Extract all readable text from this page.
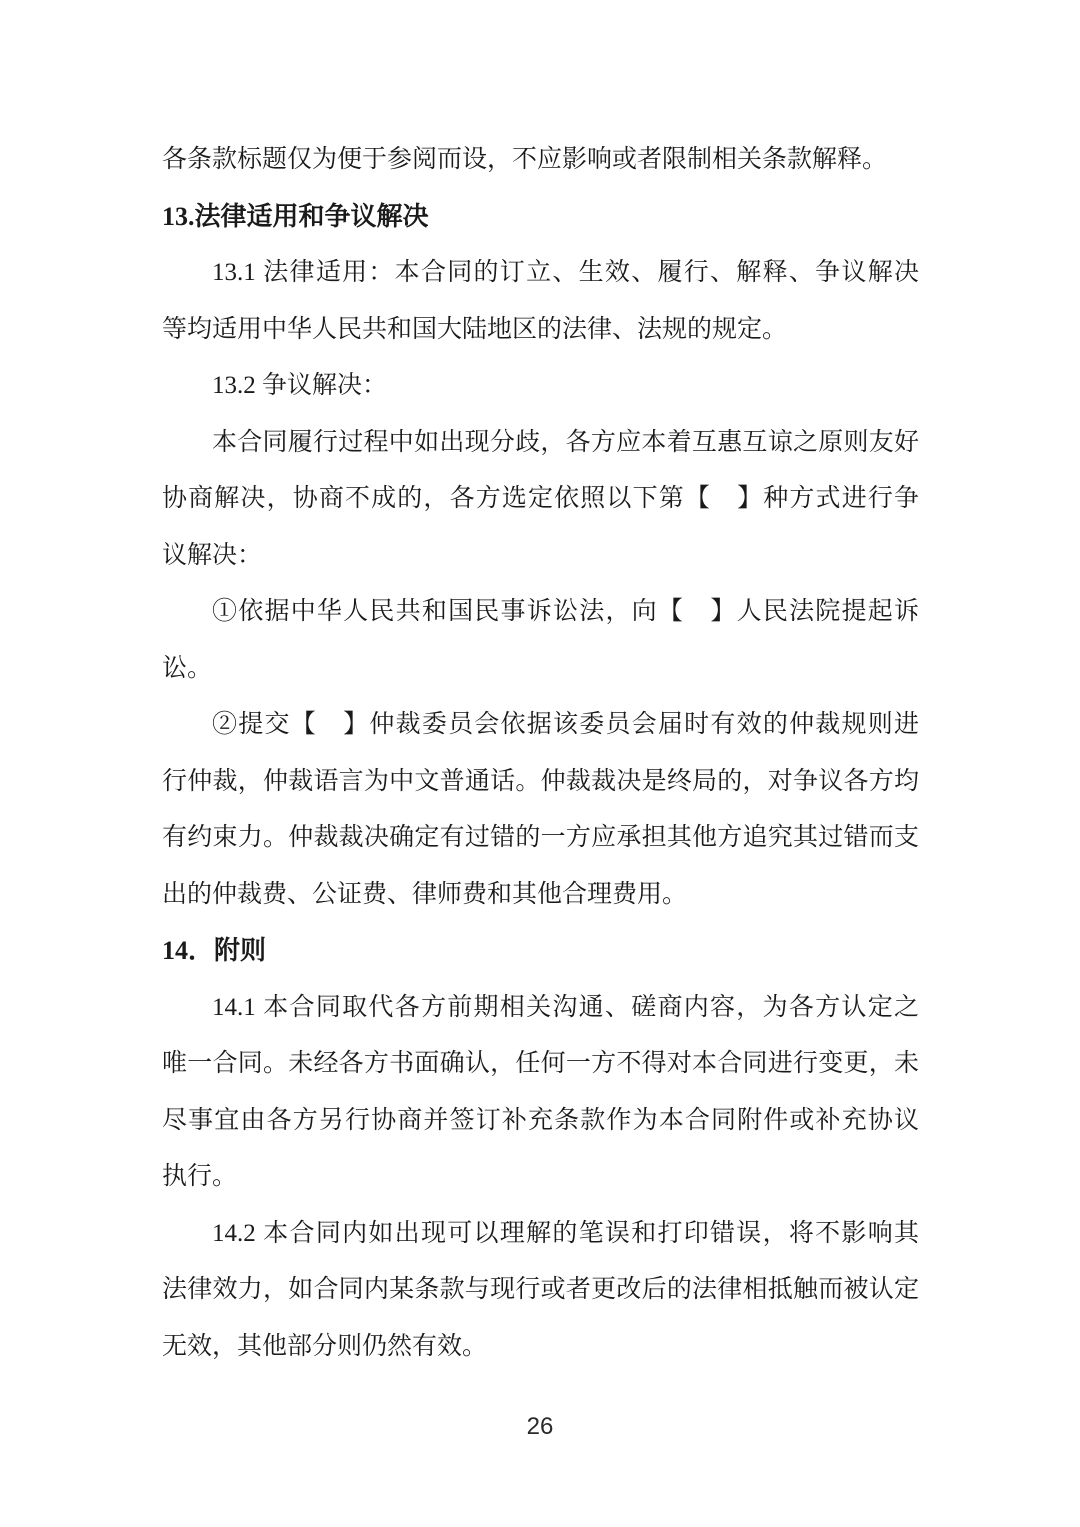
各条款标题仅为便于参阅而设，不应影响或者限制相关条款解释。
13.法律适用和争议解决
13.1 法律适用：本合同的订立、生效、履行、解释、争议解决
等均适用中华人民共和国大陆地区的法律、法规的规定。
13.2 争议解决：
本合同履行过程中如出现分歧，各方应本着互惠互谅之原则友好
协商解决，协商不成的，各方选定依照以下第【　】种方式进行争
议解决：
①依据中华人民共和国民事诉讼法，向【　】人民法院提起诉
讼。
②提交【　】仲裁委员会依据该委员会届时有效的仲裁规则进
行仲裁，仲裁语言为中文普通话。仲裁裁决是终局的，对争议各方均
有约束力。仲裁裁决确定有过错的一方应承担其他方追究其过错而支
出的仲裁费、公证费、律师费和其他合理费用。
14．附则
14.1 本合同取代各方前期相关沟通、磋商内容，为各方认定之
唯一合同。未经各方书面确认，任何一方不得对本合同进行变更，未
尽事宜由各方另行协商并签订补充条款作为本合同附件或补充协议
执行。
14.2 本合同内如出现可以理解的笔误和打印错误，将不影响其
法律效力，如合同内某条款与现行或者更改后的法律相抵触而被认定
无效，其他部分则仍然有效。
26
